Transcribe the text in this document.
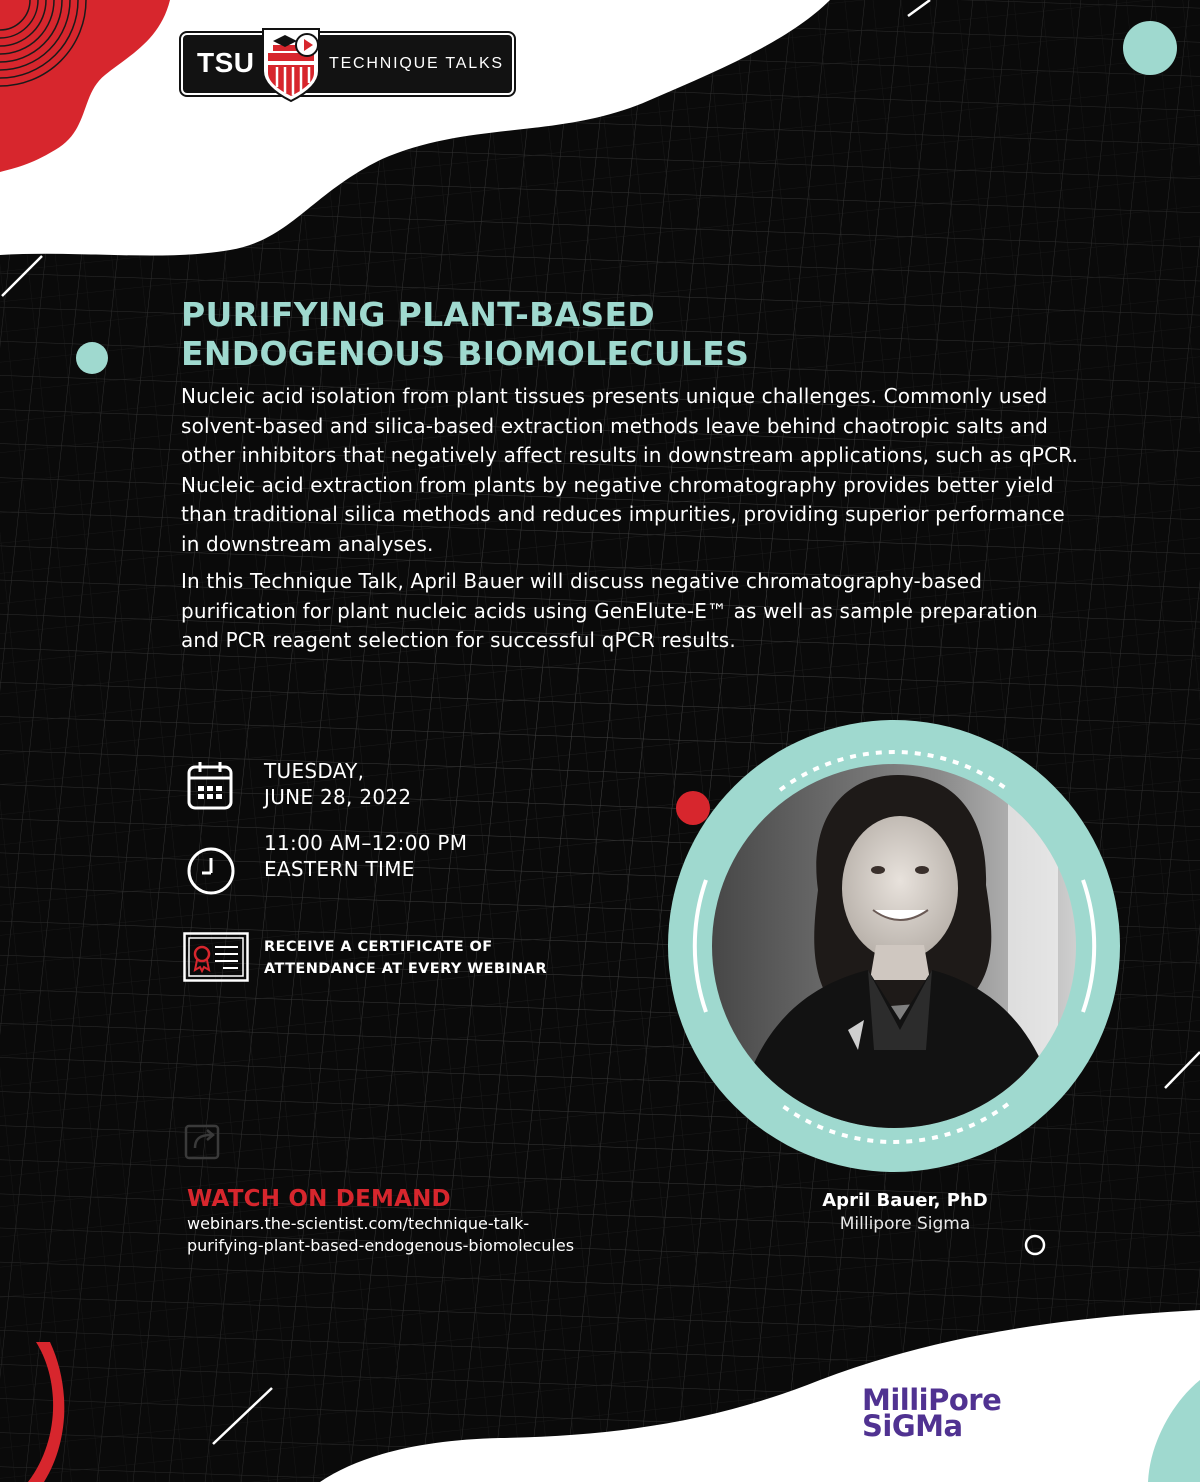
TSU	TECHNIQUE TALKS
PURIFYING PLANT-BASED
ENDOGENOUS BIOMOLECULES

Nucleic acid isolation from plant tissues presents unique challenges. Commonly used solvent-based and silica-based extraction methods leave behind chaotropic salts and other inhibitors that negatively affect results in downstream applications, such as qPCR. Nucleic acid extraction from plants by negative chromatography provides better yield than traditional silica methods and reduces impurities, providing superior performance in downstream analyses.

In this Technique Talk, April Bauer will discuss negative chromatography-based purification for plant nucleic acids using GenElute-E™ as well as sample preparation and PCR reagent selection for successful qPCR results.

TUESDAY,
JUNE 28, 2022
11:00 AM–12:00 PM
EASTERN TIME
RECEIVE A CERTIFICATE OF
ATTENDANCE AT EVERY WEBINAR
WATCH ON DEMAND
webinars.the-scientist.com/technique-talk-
purifying-plant-based-endogenous-biomolecules
April Bauer, PhD
Millipore Sigma
MilliPore
SiGMa
